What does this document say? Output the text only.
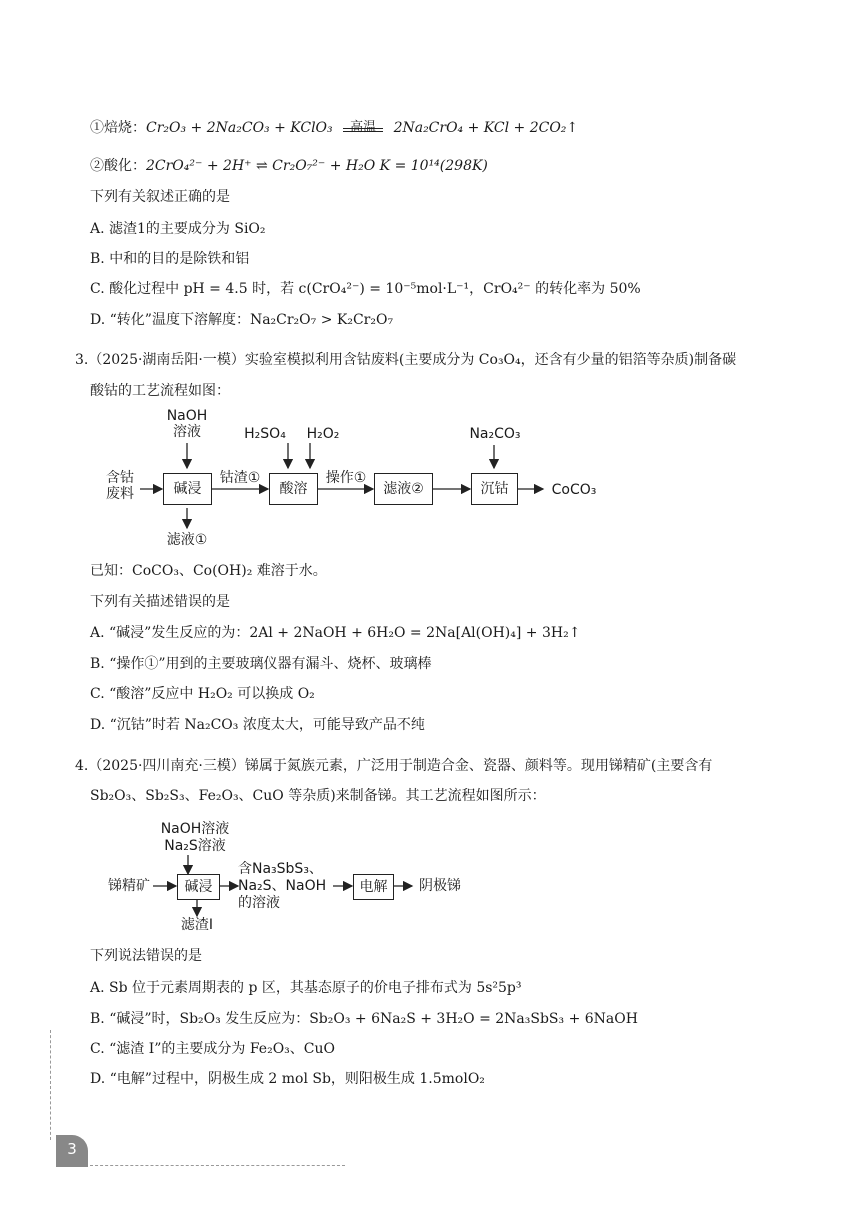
①焙烧：Cr₂O₃ + 2Na₂CO₃ + KClO₃	高温	2Na₂CrO₄ + KCl + 2CO₂↑
②酸化：2CrO₄²⁻ + 2H⁺ ⇌ Cr₂O₇²⁻ + H₂O K = 10¹⁴(298K)
下列有关叙述正确的是
A. 滤渣1的主要成分为 SiO₂
B. 中和的目的是除铁和铝
C. 酸化过程中 pH = 4.5 时，若 c(CrO₄²⁻) = 10⁻⁵mol·L⁻¹，CrO₄²⁻ 的转化率为 50%
D. “转化”温度下溶解度：Na₂Cr₂O₇ > K₂Cr₂O₇
3.（2025·湖南岳阳·一模）实验室模拟利用含钴废料(主要成分为 Co₃O₄，还含有少量的铝箔等杂质)制备碳
酸钴的工艺流程如图：
含钴
废料
NaOH
溶液
碱浸
钴渣①
H₂SO₄	H₂O₂
酸溶
操作①
滤液②
Na₂CO₃
沉钴	CoCO₃
滤液①
NaOH溶液
Na₂S溶液
锑精矿	碱浸
含Na₃SbS₃、
Na₂S、NaOH
的溶液
电解	阴极锑
滤渣I
已知：CoCO₃、Co(OH)₂ 难溶于水。
下列有关描述错误的是
A. “碱浸”发生反应的为：2Al + 2NaOH + 6H₂O = 2Na[Al(OH)₄] + 3H₂↑
B. “操作①”用到的主要玻璃仪器有漏斗、烧杯、玻璃棒
C. “酸溶”反应中 H₂O₂ 可以换成 O₂
D. “沉钴”时若 Na₂CO₃ 浓度太大，可能导致产品不纯
4.（2025·四川南充·三模）锑属于氮族元素，广泛用于制造合金、瓷器、颜料等。现用锑精矿(主要含有
Sb₂O₃、Sb₂S₃、Fe₂O₃、CuO 等杂质)来制备锑。其工艺流程如图所示：
下列说法错误的是
A. Sb 位于元素周期表的 p 区，其基态原子的价电子排布式为 5s²5p³
B. “碱浸”时，Sb₂O₃ 发生反应为：Sb₂O₃ + 6Na₂S + 3H₂O = 2Na₃SbS₃ + 6NaOH
C. “滤渣 I”的主要成分为 Fe₂O₃、CuO
D. “电解”过程中，阴极生成 2 mol Sb，则阳极生成 1.5molO₂
3
